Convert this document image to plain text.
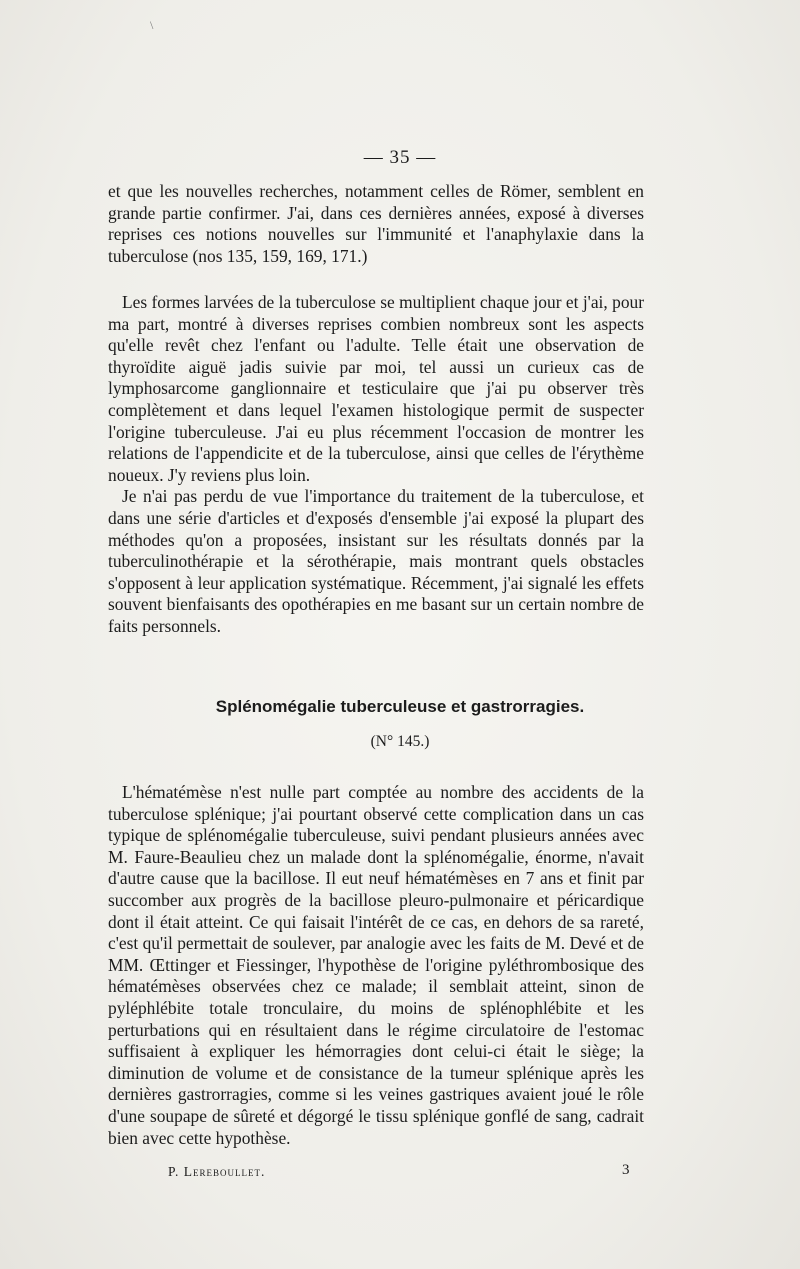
\
— 35 —

et que les nouvelles recherches, notamment celles de Römer, semblent en grande partie confirmer. J'ai, dans ces dernières années, exposé à diverses reprises ces notions nouvelles sur l'immunité et l'anaphylaxie dans la tuberculose (nos 135, 159, 169, 171.)

Les formes larvées de la tuberculose se multiplient chaque jour et j'ai, pour ma part, montré à diverses reprises combien nombreux sont les aspects qu'elle revêt chez l'enfant ou l'adulte. Telle était une observation de thyroïdite aiguë jadis suivie par moi, tel aussi un curieux cas de lymphosarcome ganglionnaire et testiculaire que j'ai pu observer très complètement et dans lequel l'examen histologique permit de suspecter l'origine tuberculeuse. J'ai eu plus récemment l'occasion de montrer les relations de l'appendicite et de la tuberculose, ainsi que celles de l'érythème noueux. J'y reviens plus loin.

Je n'ai pas perdu de vue l'importance du traitement de la tuberculose, et dans une série d'articles et d'exposés d'ensemble j'ai exposé la plupart des méthodes qu'on a proposées, insistant sur les résultats donnés par la tuberculinothérapie et la sérothérapie, mais montrant quels obstacles s'opposent à leur application systématique. Récemment, j'ai signalé les effets souvent bienfaisants des opothérapies en me basant sur un certain nombre de faits personnels.

Splénomégalie tuberculeuse et gastrorragies.
(N° 145.)

L'hématémèse n'est nulle part comptée au nombre des accidents de la tuberculose splénique; j'ai pourtant observé cette complication dans un cas typique de splénomégalie tuberculeuse, suivi pendant plusieurs années avec M. Faure-Beaulieu chez un malade dont la splénomégalie, énorme, n'avait d'autre cause que la bacillose. Il eut neuf hématémèses en 7 ans et finit par succomber aux progrès de la bacillose pleuro-pulmonaire et péricardique dont il était atteint. Ce qui faisait l'intérêt de ce cas, en dehors de sa rareté, c'est qu'il permettait de soulever, par analogie avec les faits de M. Devé et de MM. Œttinger et Fiessinger, l'hypothèse de l'origine pyléthrombosique des hématémèses observées chez ce malade; il semblait atteint, sinon de pyléphlébite totale tronculaire, du moins de splénophlébite et les perturbations qui en résultaient dans le régime circulatoire de l'estomac suffisaient à expliquer les hémorragies dont celui-ci était le siège; la diminution de volume et de consistance de la tumeur splénique après les dernières gastrorragies, comme si les veines gastriques avaient joué le rôle d'une soupape de sûreté et dégorgé le tissu splénique gonflé de sang, cadrait bien avec cette hypothèse.

P. Lereboullet.	3
